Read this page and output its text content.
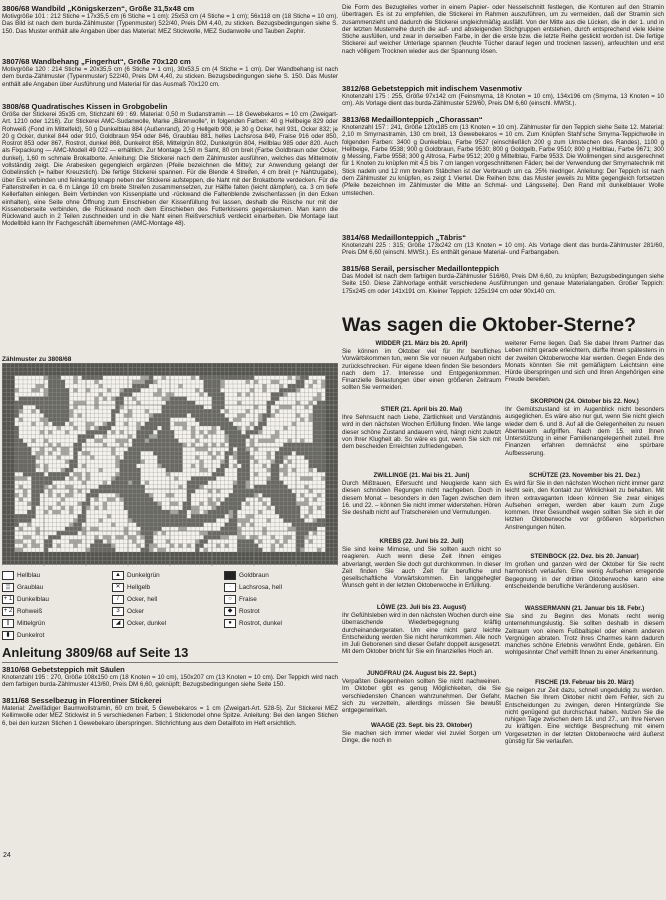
3806/68 Wandbild „Königskerzen“, Größe 31,5x48 cm

Motivgröße 101 : 212 Stiche = 17x35,5 cm (6 Stiche = 1 cm): 25x53 cm (4 Stiche = 1 cm); 56x118 cm (18 Stiche = 10 cm). Das Bild ist nach dem burda-Zählmuster (Typenmuster) 522/40, Preis DM 4,40, zu sticken. Bezugsbedingungen siehe S. 150. Das Muster enthält alle Angaben über das Material: MEZ Stickwolle, MEZ Sudanwolle und Tauben Zephir.

3807/68 Wandbehang „Fingerhut“, Größe 70x120 cm

Motivgröße 120 : 214 Stiche = 20x35,5 cm (6 Stiche = 1 cm), 30x53,5 cm (4 Stiche = 1 cm). Der Wandbehang ist nach dem burda-Zählmuster (Typenmuster) 522/40, Preis DM 4,40, zu sticken. Bezugsbedingungen siehe S. 150. Das Muster enthält alle Angaben über Ausführung und Material für das Ausmaß 70x120 cm.

3808/68 Quadratisches Kissen in Grobgobelin

Größe der Stickerei 35x35 cm, Stichzahl 69 : 69. Material: 0,50 m Sudanstramin — 18 Gewebekaros = 10 cm (Zweigart-Art. 1210 oder 1216). Zur Stickerei AMC-Sudanwolle, Marke „Bärenwolle“, in folgenden Farben: 40 g Hellbeige 829 oder Rohweiß (Fond im Mittelfeld), 50 g Dunkelblau 884 (Außenrand), 20 g Hellgelb 908, je 30 g Ocker, hell 931, Ocker 832; je 20 g Ocker, dunkel 844 oder 910, Goldbraun 954 oder 846, Graublau 881, helles Lachsrosa 849, Fraise 916 oder 850, Rostrot 853 oder 867, Rostrot, dunkel 868, Dunkelrot 858, Mittelgrün 802, Dunkelgrün 804, Hellblau 985 oder 820. Auch als Fixpackung — AMC-Modell 49 022 — erhältlich. Zur Montage 1,50 m Samt, 80 cm breit (Farbe Goldbraun oder Ocker, dunkel), 1,60 m schmale Brokatborte. Anleitung: Die Stickerei nach dem Zählmuster ausführen, welches das Mittelmotiv vollständig zeigt. Die Arabesken gegengleich ergänzen (Pfeile bezeichnen die Mitte); zur Anwendung gelangt der Gobelinstich (= halber Kreuzstich). Die fertige Stickerei spannen. Für die Blende 4 Streifen, 4 cm breit (+ Nahtzugabe), über Eck verbinden und feinkantig knapp neben der Stickerei aufsteppen, die Naht mit der Brokatborte verdecken. Für die Faltenstreifen in ca. 6 m Länge 10 cm breite Streifen zusammensetzen, zur Hälfte falten (leicht dämpfen), ca. 3 cm tiefe Kellerfalten einlegen. Beim Verbinden von Kissenplatte und -rückwand die Faltenblende zwischenfassen (in den Ecken einhalten), eine Seite ohne Öffnung zum Einschieben der Kissenfüllung frei lassen, deshalb die Rüsche nur mit der Kissenoberseite verbinden, die Rückwand noch dem Einschieben des Futterkissens gegensäumen. Man kann die Rückwand auch in 2 Teilen zuschneiden und in die Naht einen Reißverschluß verdeckt einarbeiten. Die Montage laut Modellbild kann Ihr Fachgeschäft übernehmen (AMC-Montage 48).

Zählmuster zu 3808/68

Hellblau	▲ Dunkelgrün	Goldbraun
▒	Graublau	✕	Hellgelb	·	Lachsrosa, hell
+ 1 Dunkelblau	/	Ocker, hell	○	Fraise
+ 2 Rohweiß	3	Ocker	◆	Rostrot
∥	Mittelgrün	◢	Ocker, dunkel	●	Rostrot, dunkel
▮	Dunkelrot

Anleitung 3809/68 auf Seite 13

3810/68 Gebetsteppich mit Säulen

Knotenzahl 195 : 270, Größe 108x150 cm (18 Knoten = 10 cm), 150x207 cm (13 Knoten = 10 cm). Der Teppich wird nach dem farbigen burda-Zählmuster 413/60, Preis DM 6,60, geknüpft; Bezugsbedingungen siehe Seite 150.

3811/68 Sesselbezug in Florentiner Stickerei

Material: Zweifädiger Baumwollstramin, 60 cm breit, 5 Gewebekaros = 1 cm (Zweigart-Art. 528-5). Zur Stickerei MEZ Kellimwolle oder MEZ Stickwist in 5 verschiedenen Farben; 1 Stickmodel ohne Spitze. Anleitung: Bei den langen Stichen 6, bei den kurzen Stichen 1 Gewebekaro überspringen. Stichrichtung aus dem Detailfoto im Heft ersichtlich.

24

Die Form des Bezugteiles vorher in einem Papier- oder Nesselschnitt festlegen, die Konturen auf den Stramin übertragen. Es ist zu empfehlen, die Stickerei im Rahmen auszuführen, um zu vermeiden, daß der Stramin sich zusammenzieht und dadurch die Stickerei ungleichmäßig ausfällt. Von der Mitte aus die Lücken, die in der 1. und in der letzten Musterreihe durch die auf- und absteigenden Stichgruppen entstehen, durch entsprechend viele kleine Stiche ausfüllen, und zwar in derselben Farbe, in der die erste bzw. die letzte Reihe gestickt worden ist. Die fertige Stickerei auf weicher Unterlage spannen (feuchte Tücher darauf legen und trocknen lassen), anfeuchten und erst nach völligem Trocknen wieder aus der Spannung lösen.

3812/68 Gebetsteppich mit indischem Vasenmotiv

Knotenzahl 175 : 255, Größe 97x142 cm (Feinsmyrna, 18 Knoten = 10 cm), 134x196 cm (Smyrna, 13 Knoten = 10 cm). Als Vorlage dient das burda-Zählmuster 529/60, Preis DM 6,60 (einschl. MWSt.).

3813/68 Medaillonteppich „Chorassan“

Knotenzahl 157 : 241, Größe 120x185 cm (13 Knoten = 10 cm). Zählmuster für den Teppich siehe Seite 12. Material: 2,10 m Smyrnastramin, 130 cm breit, 13 Gewebekaros = 10 cm. Zum Knüpfen Stahl'sche Smyrna-Teppichwolle in folgenden Farben: 3400 g Dunkelblau, Farbe 9527 (einschließlich 200 g zum Umstechen des Randes), 1100 g Hellbeige, Farbe 9538; 900 g Goldbraun, Farbe 9530; 800 g Goldgelb, Farbe 9510; 800 g Hellblau, Farbe 9671; 300 g Messing, Farbe 9558; 300 g Altrosa, Farbe 9512; 200 g Mittelblau, Farbe 9533. Die Wollmengen sind ausgerechnet für 1 Knoten zu knüpfen mit 4,5 bis 7 cm langen vorgeschnittenen Fäden; bei der Verwendung der Smyrnatechnik mit Stick nadeln und 12 mm breitem Stäbchen ist der Verbrauch um ca. 25% niedriger. Anleitung: Der Teppich ist nach dem Zählmuster zu knüpfen, es zeigt 1 Viertel. Die Reihen bzw. das Muster jeweils zu Mitte gegengleich fortsetzen (Pfeile bezeichnen im Zählmuster die Mitte an Schmal- und Längsseite). Den Rand mit dunkelblauer Wolle umstechen.

3814/68 Medaillonteppich „Täbris“

Knotenzahl 225 : 315; Größe 173x242 cm (13 Knoten = 10 cm). Als Vorlage dient das burda-Zählmuster 281/60, Preis DM 6,60 (einschl. MWSt.). Es enthält genaue Material- und Farbangaben.

3815/68 Serail, persischer Medaillonteppich

Das Modell ist nach dem farbigen burda-Zählmuster 516/60, Preis DM 6,60, zu knüpfen; Bezugsbedingungen siehe Seite 150. Diese Zählvorlage enthält verschiedene Ausführungen und genaue Materialangaben. Großer Teppich: 175x245 cm oder 141x191 cm. Kleiner Teppich: 125x194 cm oder 90x140 cm.

Was sagen die Oktober-Sterne?

WIDDER (21. März bis 20. April)

Sie können im Oktober viel für Ihr berufliches Vorwärtskommen tun, wenn Sie vor neuen Aufgaben nicht zurückschrecken. Für eigene Ideen finden Sie besonders nach dem 17. Interesse und Entgegenkommen. Finanzielle Belastungen über einen größeren Zeitraum sollten Sie vermeiden.

STIER (21. April bis 20. Mai)

Ihre Sehnsucht nach Liebe, Zärtlichkeit und Verständnis wird in den nächsten Wochen Erfüllung finden. Wie lange dieser schöne Zustand andauern wird, hängt nicht zuletzt von Ihrer Klugheit ab. So wäre es gut, wenn Sie sich mit dem bescheiden Erreichten zufriedengeben.

ZWILLINGE (21. Mai bis 21. Juni)

Durch Mißtrauen, Eifersucht und Neugierde kann sich diesen schnöden Regungen nicht nachgeben. Doch in diesem Monat – besonders in den Tagen zwischen dem 16. und 22. – können Sie nicht immer widerstehen. Hören Sie deshalb nicht auf Tratschereien und Vermutungen.

KREBS (22. Juni bis 22. Juli)

Sie sind keine Mimose, und Sie sollten auch nicht so reagieren. Auch wenn diese Zeit Ihnen einiges abverlangt, werden Sie doch gut durchkommen. In dieser Zeit finden Sie auch Zeit für berufliche und gesellschaftliche Vorwärtskommen. Ein langgehegter Wunsch geht in der letzten Oktoberwoche in Erfüllung.

LÖWE (23. Juli bis 23. August)

Ihr Gefühlsleben wird in den nächsten Wochen durch eine überraschende Wiederbegegnung kräftig durcheinandergeraten. Um eine nicht ganz leichte Entscheidung werden Sie nicht herumkommen. Alle noch im Juli Geborenen sind dieser Gefahr doppelt ausgesetzt. Mit dem Oktober bricht für Sie ein finanzielles Hoch an.

JUNGFRAU (24. August bis 22. Sept.)

Verpaßten Gelegenheiten sollten Sie nicht nachweinen. Im Oktober gibt es genug Möglichkeiten, die Sie verschiedensten Chancen wahrzunehmen. Der Gefahr, sich zu verzetteln, allerdings müssen Sie bewußt entgegenwirken.

WAAGE (23. Sept. bis 23. Oktober)

Sie machen sich immer wieder viel zuviel Sorgen um Dinge, die noch in

weiterer Ferne liegen. Daß Sie dabei Ihrem Partner das Leben nicht gerade erleichtern, dürfte Ihnen spätestens in der zweiten Oktoberwoche klar werden. Gegen Ende des Monats könnten Sie mit gemäßigtem Leichtsinn eine Hürde überspringen und sich und Ihren Angehörigen eine Freude bereiten.

SKORPION (24. Oktober bis 22. Nov.)

Ihr Gemütszustand ist im Augenblick nicht besonders ausgeglichen. Es wäre also nur gut, wenn Sie nicht gleich wieder dem 6. und 8. Auf all die Gelegenheiten zu neuen Abenteuern aufgriffen. Nach dem 15. wird Ihnen Unterstützung in einer Familienangelegenheit zuteil. Ihre Finanzen erfahren demnächst eine spürbare Aufbesserung.

SCHÜTZE (23. November bis 21. Dez.)

Es wird für Sie in den nächsten Wochen nicht immer ganz leicht sein, den Kontakt zur Wirklichkeit zu behalten. Mit Ihren extravaganten Ideen können Sie zwar einiges Aufsehen erregen, werden aber kaum zum Zuge kommen. Ihrer Gesundheit wegen sollten Sie sich in der letzten Oktoberwoche vor größeren körperlichen Anstrengungen hüten.

STEINBOCK (22. Dez. bis 20. Januar)

Im großen und ganzen wird der Oktober für Sie recht harmonisch verlaufen. Eine wenig Aufsehen erregende Begegnung in der dritten Oktoberwoche kann eine entscheidende berufliche Veränderung auslösen.

WASSERMANN (21. Januar bis 18. Febr.)

Sie sind zu Beginn des Monats recht wenig unternehmungslustig. Sie sollten deshalb in diesem Zeitraum von einem Fußballspiel oder einem anderen Vergnügen abraten. Trotz ihres Charmes kann dadurch manches schöne Erlebnis verwöhnt Ende, gebären. Ein wohlgesinnter Chef verhilft Ihnen zu einer Anerkennung.

FISCHE (19. Februar bis 20. März)

Sie neigen zur Zeit dazu, schnell ungeduldig zu werden. Machen Sie Ihrem Oktober nicht dem Fehler, sich zu Entscheidungen zu zwingen, deren Hintergründe Sie nicht genügend gut durchschaut haben. Nutzen Sie die ruhigen Tage zwischen dem 18. und 27., um Ihre Nerven zu kräftigen. Eine wichtige Besprechung mit einem Vorgesetzten in der letzten Oktoberwoche wird äußerst günstig für Sie verlaufen.
